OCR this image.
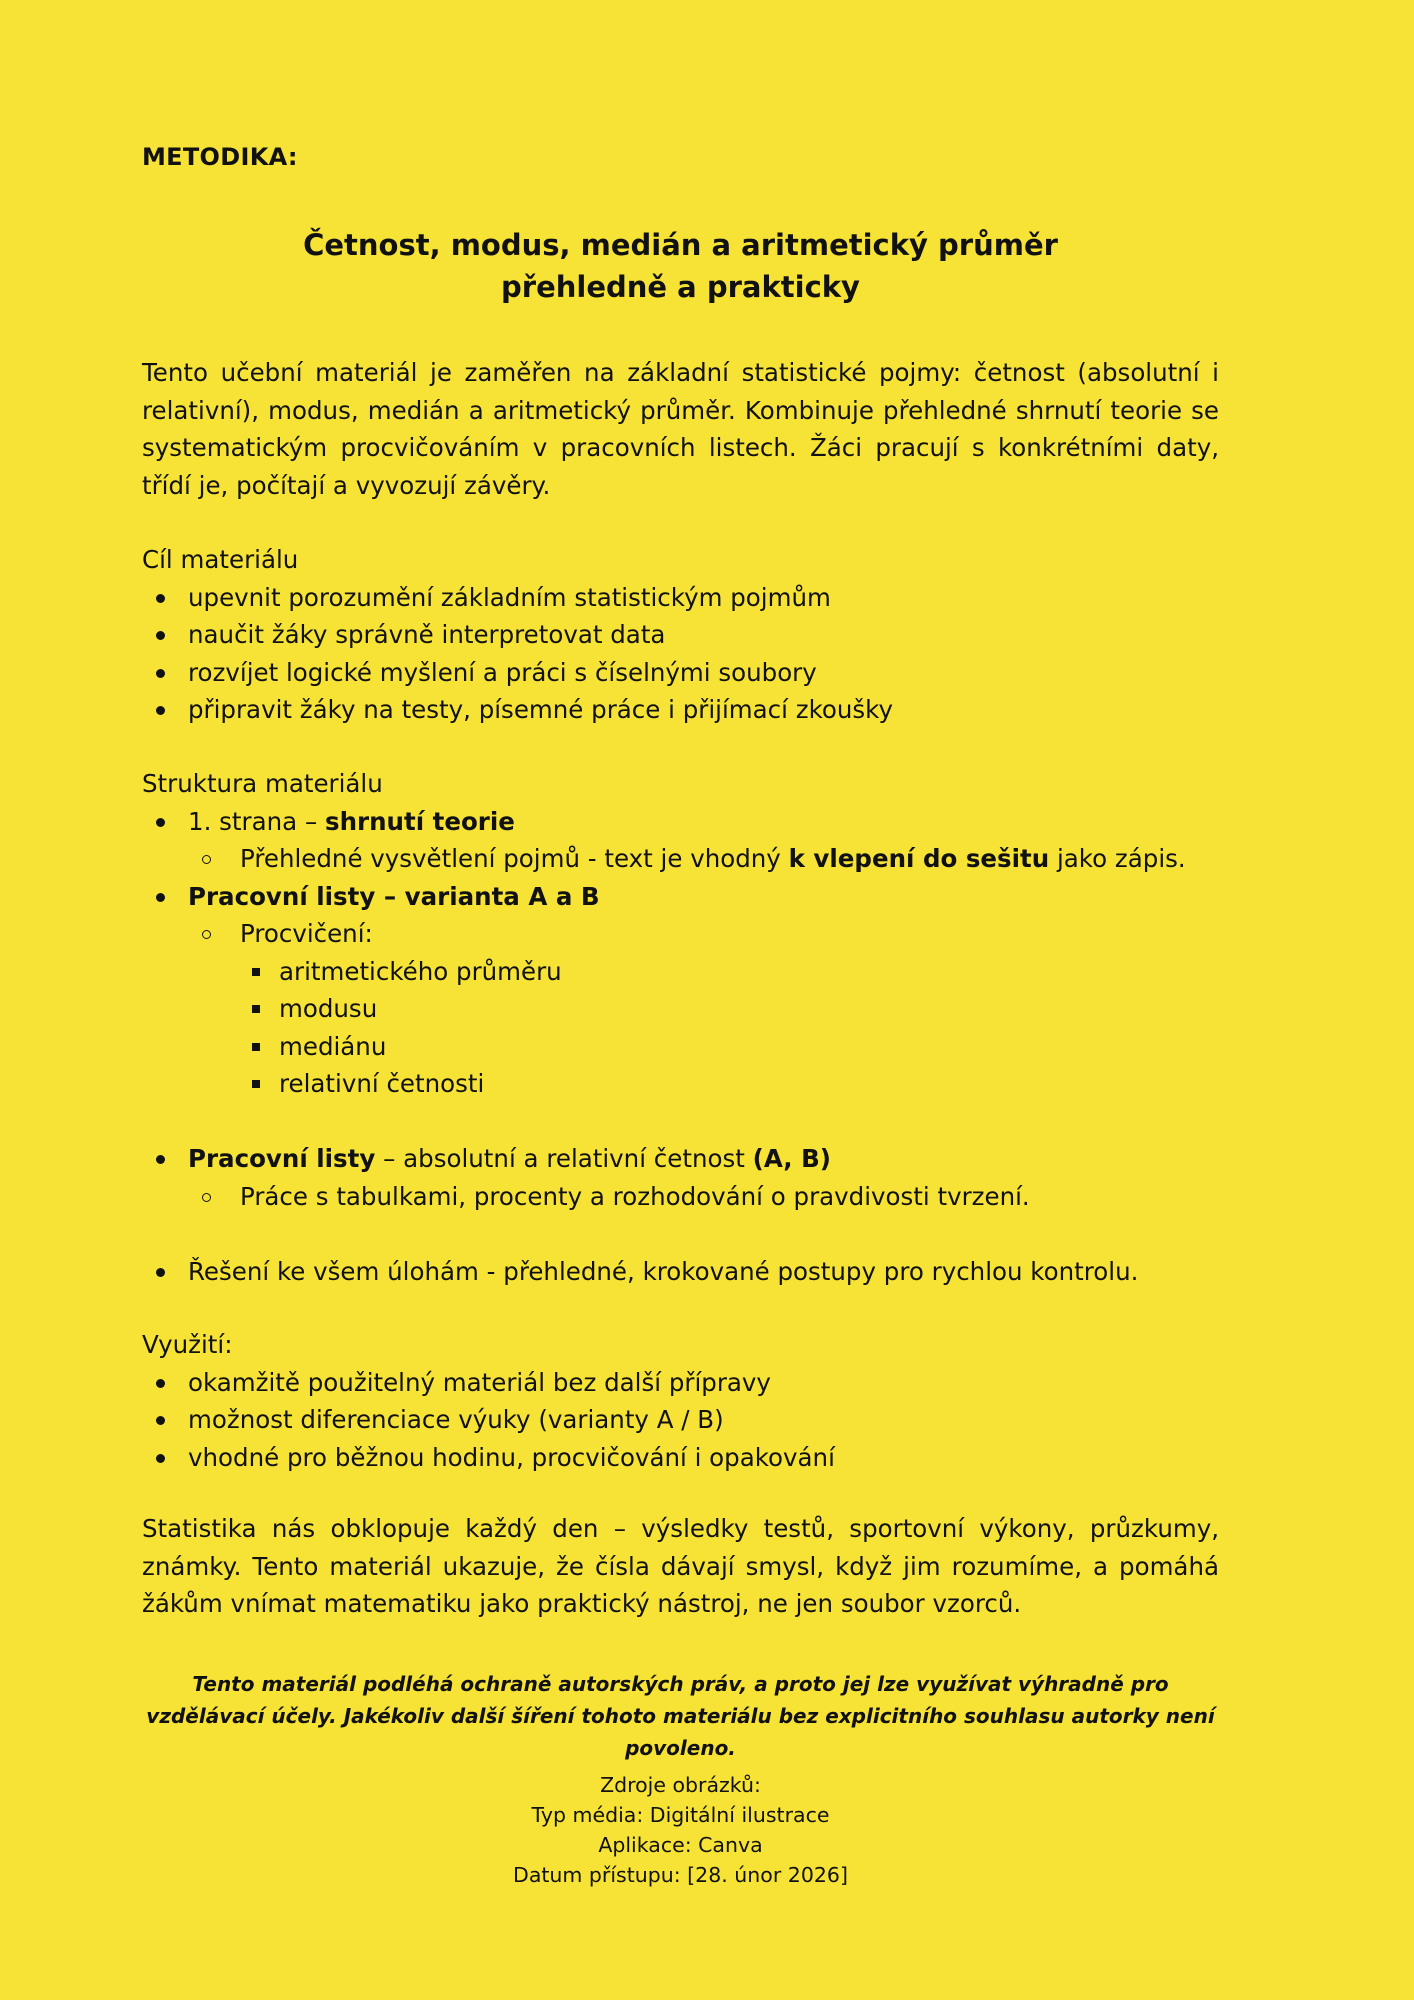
METODIKA:
Četnost, modus, medián a aritmetický průměr
přehledně a prakticky

Tento učební materiál je zaměřen na základní statistické pojmy: četnost (absolutní i relativní), modus, medián a aritmetický průměr. Kombinuje přehledné shrnutí teorie se systematickým procvičováním v pracovních listech. Žáci pracují s konkrétními daty, třídí je, počítají a vyvozují závěry.

Cíl materiálu
upevnit porozumění základním statistickým pojmům
naučit žáky správně interpretovat data
rozvíjet logické myšlení a práci s číselnými soubory
připravit žáky na testy, písemné práce i přijímací zkoušky
Struktura materiálu
1. strana – shrnutí teorie
Přehledné vysvětlení pojmů - text je vhodný k vlepení do sešitu jako zápis.
Pracovní listy – varianta A a B
Procvičení:
aritmetického průměru
modusu
mediánu
relativní četnosti
Pracovní listy – absolutní a relativní četnost (A, B)
Práce s tabulkami, procenty a rozhodování o pravdivosti tvrzení.
Řešení ke všem úlohám - přehledné, krokované postupy pro rychlou kontrolu.
Využití:
okamžitě použitelný materiál bez další přípravy
možnost diferenciace výuky (varianty A / B)
vhodné pro běžnou hodinu, procvičování i opakování

Statistika nás obklopuje každý den – výsledky testů, sportovní výkony, průzkumy, známky. Tento materiál ukazuje, že čísla dávají smysl, když jim rozumíme, a pomáhá žákům vnímat matematiku jako praktický nástroj, ne jen soubor vzorců.

Tento materiál podléhá ochraně autorských práv, a proto jej lze využívat výhradně pro vzdělávací účely. Jakékoliv další šíření tohoto materiálu bez explicitního souhlasu autorky není povoleno.

Zdroje obrázků:
Typ média: Digitální ilustrace
Aplikace: Canva
Datum přístupu: [28. únor 2026]
